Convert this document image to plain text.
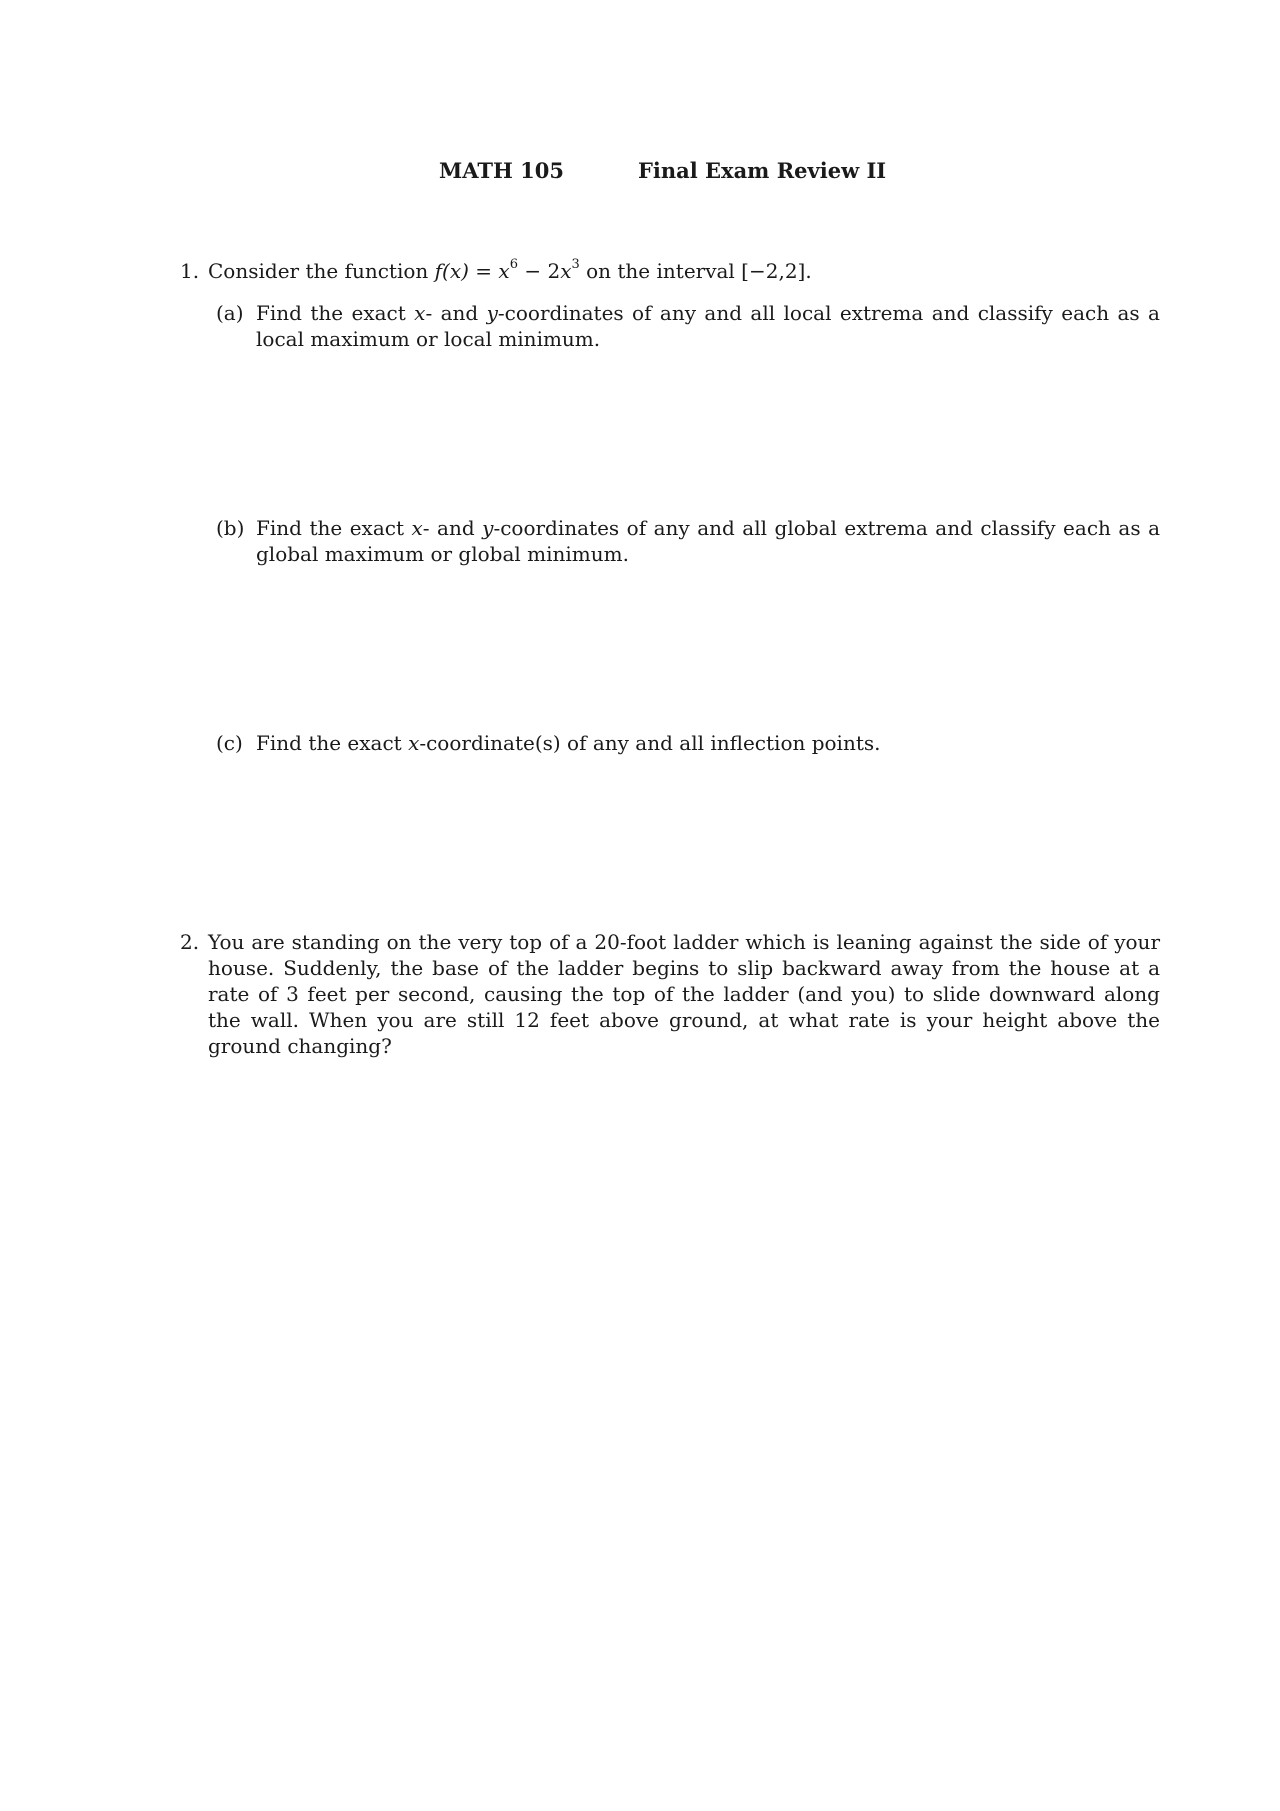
MATH 105	Final Exam Review II
1. Consider the function $f(x) = x^6 - 2x^3$ on the interval [−2,2].
(a) Find the exact x- and y-coordinates of any and all local extrema and classify each as a local maximum or local minimum.
(b) Find the exact x- and y-coordinates of any and all global extrema and classify each as a global maximum or global minimum.
(c) Find the exact x-coordinate(s) of any and all inflection points.
2. You are standing on the very top of a 20-foot ladder which is leaning against the side of your house. Suddenly, the base of the ladder begins to slip backward away from the house at a rate of 3 feet per second, causing the top of the ladder (and you) to slide downward along the wall. When you are still 12 feet above ground, at what rate is your height above the ground changing?
